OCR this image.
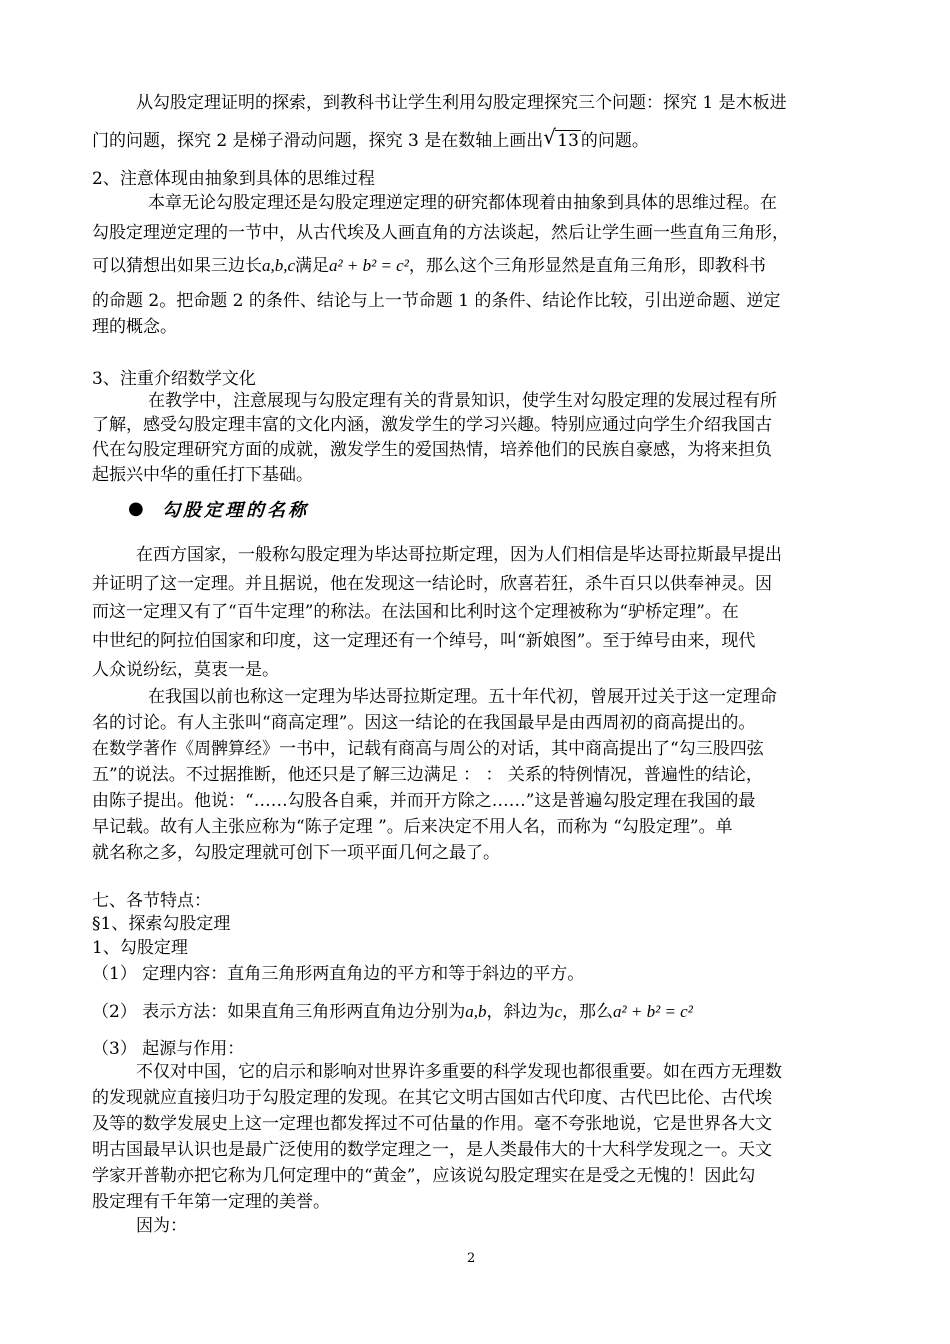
从勾股定理证明的探索，到教科书让学生利用勾股定理探究三个问题：探究 1 是木板进
门的问题，探究 2 是梯子滑动问题，探究 3 是在数轴上画出 √ 13 的问题。
2、注意体现由抽象到具体的思维过程
本章无论勾股定理还是勾股定理逆定理的研究都体现着由抽象到具体的思维过程。在
勾股定理逆定理的一节中，从古代埃及人画直角的方法谈起，然后让学生画一些直角三角形，
可以猜想出如果三边长a,b,c满足a² + b² = c²，那么这个三角形显然是直角三角形，即教科书
的命题 2。把命题 2 的条件、结论与上一节命题 1 的条件、结论作比较，引出逆命题、逆定
理的概念。
3、注重介绍数学文化
在教学中，注意展现与勾股定理有关的背景知识，使学生对勾股定理的发展过程有所
了解，感受勾股定理丰富的文化内涵，激发学生的学习兴趣。特别应通过向学生介绍我国古
代在勾股定理研究方面的成就，激发学生的爱国热情，培养他们的民族自豪感，为将来担负
起振兴中华的重任打下基础。
● 勾股定理的名称
在西方国家，一般称勾股定理为毕达哥拉斯定理，因为人们相信是毕达哥拉斯最早提出
并证明了这一定理。并且据说，他在发现这一结论时，欣喜若狂，杀牛百只以供奉神灵。因
而这一定理又有了“百牛定理”的称法。在法国和比利时这个定理被称为“驴桥定理”。在
中世纪的阿拉伯国家和印度，这一定理还有一个绰号，叫“新娘图”。至于绰号由来，现代
人众说纷纭，莫衷一是。
在我国以前也称这一定理为毕达哥拉斯定理。五十年代初，曾展开过关于这一定理命
名的讨论。有人主张叫“商高定理”。因这一结论的在我国最早是由西周初的商高提出的。
在数学著作《周髀算经》一书中，记载有商高与周公的对话，其中商高提出了“勾三股四弦
五”的说法。不过据推断，他还只是了解三边满足 ： ： 关系的特例情况，普遍性的结论，
由陈子提出。他说：“……勾股各自乘，并而开方除之……”这是普遍勾股定理在我国的最
早记载。故有人主张应称为“陈子定理 ”。后来决定不用人名，而称为 “勾股定理”。单
就名称之多，勾股定理就可创下一项平面几何之最了。
七、各节特点：
§1、探索勾股定理
1、勾股定理
（1） 定理内容：直角三角形两直角边的平方和等于斜边的平方。
（2） 表示方法：如果直角三角形两直角边分别为a,b，斜边为c，那么a² + b² = c²
（3） 起源与作用：
不仅对中国，它的启示和影响对世界许多重要的科学发现也都很重要。如在西方无理数
的发现就应直接归功于勾股定理的发现。在其它文明古国如古代印度、古代巴比伦、古代埃
及等的数学发展史上这一定理也都发挥过不可估量的作用。毫不夸张地说，它是世界各大文
明古国最早认识也是最广泛使用的数学定理之一，是人类最伟大的十大科学发现之一。天文
学家开普勒亦把它称为几何定理中的“黄金”，应该说勾股定理实在是受之无愧的！因此勾
股定理有千年第一定理的美誉。
因为：
2
